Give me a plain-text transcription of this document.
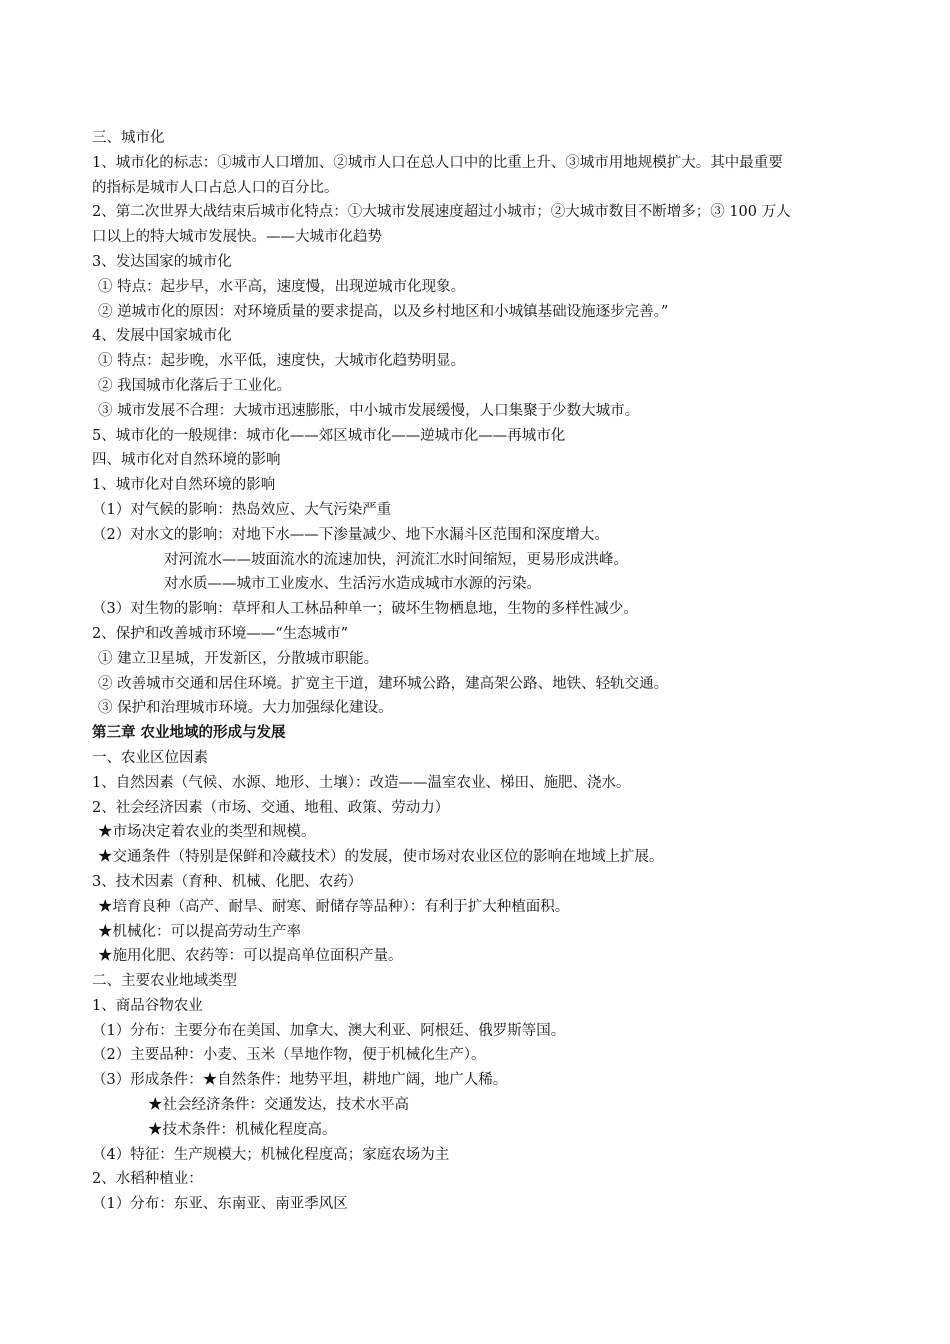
三、城市化
1、城市化的标志：①城市人口增加、②城市人口在总人口中的比重上升、③城市用地规模扩大。其中最重要
的指标是城市人口占总人口的百分比。
2、第二次世界大战结束后城市化特点：①大城市发展速度超过小城市；②大城市数目不断增多；③ 100 万人
口以上的特大城市发展快。——大城市化趋势
3、发达国家的城市化
① 特点：起步早，水平高，速度慢，出现逆城市化现象。
② 逆城市化的原因：对环境质量的要求提高，以及乡村地区和小城镇基础设施逐步完善。”
4、发展中国家城市化
① 特点：起步晚，水平低，速度快，大城市化趋势明显。
② 我国城市化落后于工业化。
③ 城市发展不合理：大城市迅速膨胀，中小城市发展缓慢，人口集聚于少数大城市。
5、城市化的一般规律：城市化——郊区城市化——逆城市化——再城市化
四、城市化对自然环境的影响
1、城市化对自然环境的影响
（1）对气候的影响：热岛效应、大气污染严重
（2）对水文的影响：对地下水——下渗量减少、地下水漏斗区范围和深度增大。
对河流水——坡面流水的流速加快，河流汇水时间缩短，更易形成洪峰。
对水质——城市工业废水、生活污水造成城市水源的污染。
（3）对生物的影响：草坪和人工林品种单一；破坏生物栖息地，生物的多样性减少。
2、保护和改善城市环境——“生态城市”
① 建立卫星城，开发新区，分散城市职能。
② 改善城市交通和居住环境。扩宽主干道，建环城公路，建高架公路、地铁、轻轨交通。
③ 保护和治理城市环境。大力加强绿化建设。
第三章 农业地域的形成与发展
一、农业区位因素
1、自然因素（气候、水源、地形、土壤）：改造——温室农业、梯田、施肥、浇水。
2、社会经济因素（市场、交通、地租、政策、劳动力）
★市场决定着农业的类型和规模。
★交通条件（特别是保鲜和冷藏技术）的发展，使市场对农业区位的影响在地域上扩展。
3、技术因素（育种、机械、化肥、农药）
★培育良种（高产、耐旱、耐寒、耐储存等品种）：有利于扩大种植面积。
★机械化：可以提高劳动生产率
★施用化肥、农药等：可以提高单位面积产量。
二、主要农业地域类型
1、商品谷物农业
（1）分布：主要分布在美国、加拿大、澳大利亚、阿根廷、俄罗斯等国。
（2）主要品种：小麦、玉米（旱地作物，便于机械化生产）。
（3）形成条件：★自然条件：地势平坦，耕地广阔，地广人稀。
★社会经济条件：交通发达，技术水平高
★技术条件：机械化程度高。
（4）特征：生产规模大；机械化程度高；家庭农场为主
2、水稻种植业：
（1）分布：东亚、东南亚、南亚季风区
